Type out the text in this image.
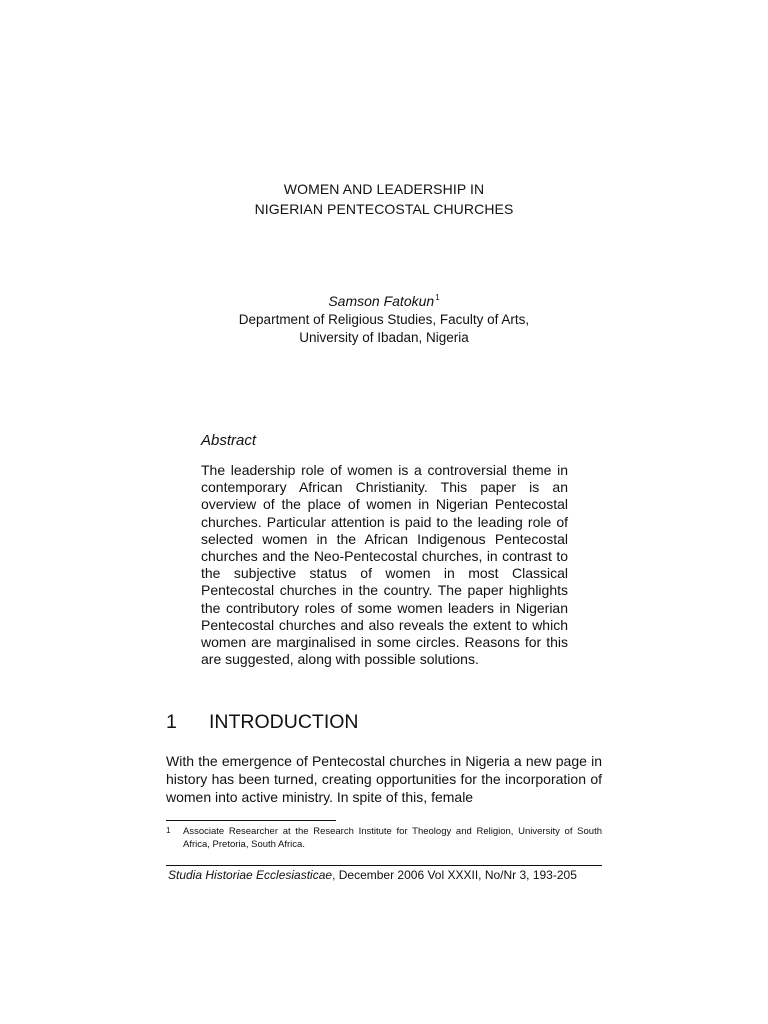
WOMEN AND LEADERSHIP IN
NIGERIAN PENTECOSTAL CHURCHES
Samson Fatokun$^1$
Department of Religious Studies, Faculty of Arts,
University of Ibadan, Nigeria
Abstract

The leadership role of women is a controversial theme in contemporary African Christianity. This paper is an overview of the place of women in Nigerian Pentecostal churches. Particular attention is paid to the leading role of selected women in the African Indigenous Pentecostal churches and the Neo-Pentecostal churches, in contrast to the subjective status of women in most Classical Pentecostal churches in the country. The paper highlights the contributory roles of some women leaders in Nigerian Pentecostal churches and also reveals the extent to which women are marginalised in some circles. Reasons for this are suggested, along with possible solutions.

1 INTRODUCTION

With the emergence of Pentecostal churches in Nigeria a new page in history has been turned, creating opportunities for the incorporation of women into active ministry. In spite of this, female

1 Associate Researcher at the Research Institute for Theology and Religion, University of South Africa, Pretoria, South Africa.
Studia Historiae Ecclesiasticae, December 2006 Vol XXXII, No/Nr 3, 193-205
